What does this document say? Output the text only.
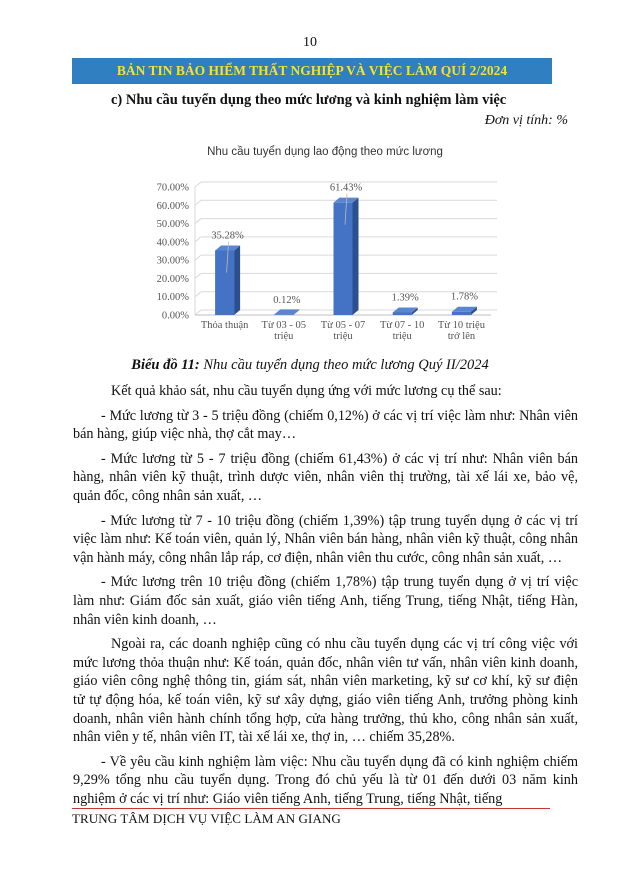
10
BẢN TIN BẢO HIỂM THẤT NGHIỆP VÀ VIỆC LÀM QUÍ 2/2024
c) Nhu cầu tuyển dụng theo mức lương và kinh nghiệm làm việc
Đơn vị tính: %
Nhu cầu tuyển dụng lao động theo mức lương
0.00%
10.00%
20.00%
30.00%
40.00%
50.00%
60.00%
70.00%
35.28%
0.12%
61.43%
1.39%	1.78%
Thỏa thuận Từ 03 - 05
triệu
Từ 05 - 07
triệu
Từ 07 - 10
triệu
Từ 10 triệu
trở lên
Biểu đồ 11: Nhu cầu tuyển dụng theo mức lương Quý II/2024

Kết quả khảo sát, nhu cầu tuyển dụng ứng với mức lương cụ thể sau:

- Mức lương từ 3 - 5 triệu đồng (chiếm 0,12%) ở các vị trí việc làm như: Nhân viên bán hàng, giúp việc nhà, thợ cắt may…

- Mức lương từ 5 - 7 triệu đồng (chiếm 61,43%) ở các vị trí như: Nhân viên bán hàng, nhân viên kỹ thuật, trình dược viên, nhân viên thị trường, tài xế lái xe, bảo vệ, quản đốc, công nhân sản xuất, …

- Mức lương từ 7 - 10 triệu đồng (chiếm 1,39%) tập trung tuyển dụng ở các vị trí việc làm như: Kế toán viên, quản lý, Nhân viên bán hàng, nhân viên kỹ thuật, công nhân vận hành máy, công nhân lắp ráp, cơ điện, nhân viên thu cước, công nhân sản xuất, …

- Mức lương trên 10 triệu đồng (chiếm 1,78%) tập trung tuyển dụng ở vị trí việc làm như: Giám đốc sản xuất, giáo viên tiếng Anh, tiếng Trung, tiếng Nhật, tiếng Hàn, nhân viên kinh doanh, …

Ngoài ra, các doanh nghiệp cũng có nhu cầu tuyển dụng các vị trí công việc với mức lương thỏa thuận như: Kế toán, quản đốc, nhân viên tư vấn, nhân viên kinh doanh, giáo viên công nghệ thông tin, giám sát, nhân viên marketing, kỹ sư cơ khí, kỹ sư điện tử tự động hóa, kế toán viên, kỹ sư xây dựng, giáo viên tiếng Anh, trưởng phòng kinh doanh, nhân viên hành chính tổng hợp, cửa hàng trưởng, thủ kho, công nhân sản xuất, nhân viên y tế, nhân viên IT, tài xế lái xe, thợ in, … chiếm 35,28%.

- Về yêu cầu kinh nghiệm làm việc: Nhu cầu tuyển dụng đã có kinh nghiệm chiếm 9,29% tổng nhu cầu tuyển dụng. Trong đó chủ yếu là từ 01 đến dưới 03 năm kinh nghiệm ở các vị trí như: Giáo viên tiếng Anh, tiếng Trung, tiếng Nhật, tiếng

TRUNG TÂM DỊCH VỤ VIỆC LÀM AN GIANG
